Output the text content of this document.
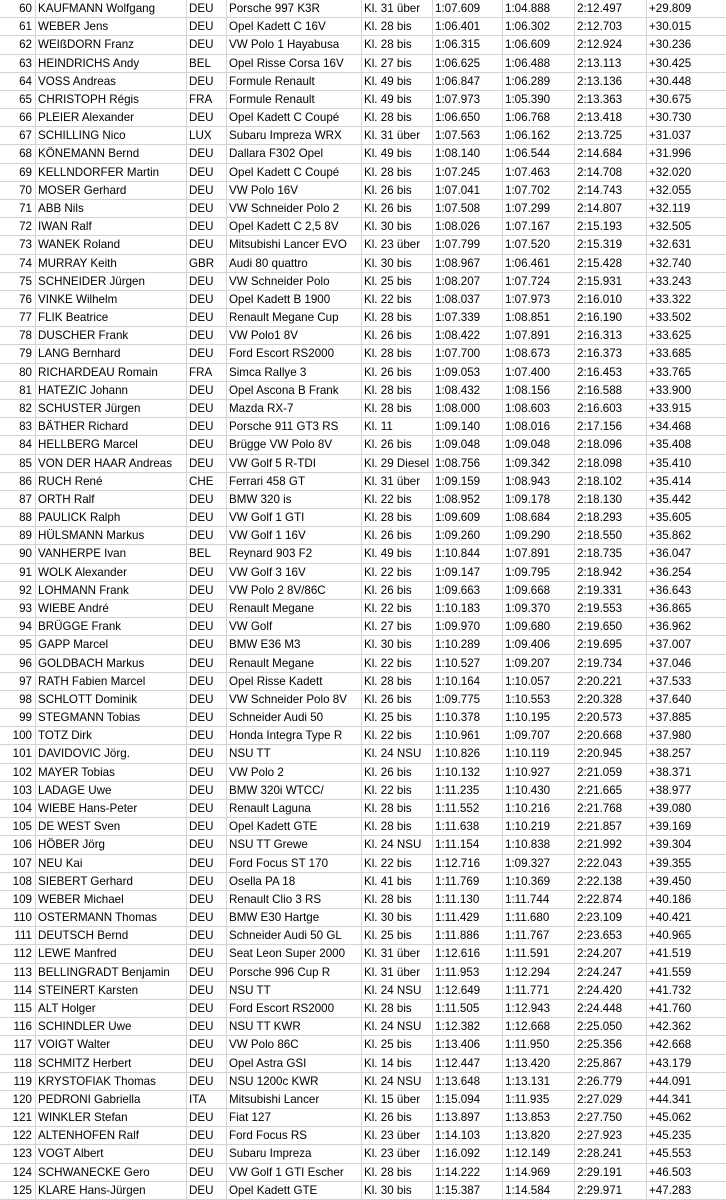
60 KAUFMANN Wolfgang	DEU	Porsche 997 K3R	Kl. 31 über	1:07.609	1:04.888	2:12.497	+29.809
61 WEBER Jens	DEU	Opel Kadett C 16V	Kl. 28 bis	1:06.401	1:06.302	2:12.703	+30.015
62 WEIßDORN Franz	DEU	VW Polo 1 Hayabusa	Kl. 28 bis	1:06.315	1:06.609	2:12.924	+30.236
63 HEINDRICHS Andy	BEL	Opel Risse Corsa 16V	Kl. 27 bis	1:06.625	1:06.488	2:13.113	+30.425
64 VOSS Andreas	DEU	Formule Renault	Kl. 49 bis	1:06.847	1:06.289	2:13.136	+30.448
65 CHRISTOPH Régis	FRA	Formule Renault	Kl. 49 bis	1:07.973	1:05.390	2:13.363	+30.675
66 PLEIER Alexander	DEU	Opel Kadett C Coupé	Kl. 28 bis	1:06.650	1:06.768	2:13.418	+30.730
67 SCHILLING Nico	LUX	Subaru Impreza WRX	Kl. 31 über	1:07.563	1:06.162	2:13.725	+31.037
68 KÖNEMANN Bernd	DEU	Dallara F302 Opel	Kl. 49 bis	1:08.140	1:06.544	2:14.684	+31.996
69 KELLNDORFER Martin	DEU	Opel Kadett C Coupé	Kl. 28 bis	1:07.245	1:07.463	2:14.708	+32.020
70 MOSER Gerhard	DEU	VW Polo 16V	Kl. 26 bis	1:07.041	1:07.702	2:14.743	+32.055
71 ABB Nils	DEU	VW Schneider Polo 2	Kl. 26 bis	1:07.508	1:07.299	2:14.807	+32.119
72 IWAN Ralf	DEU	Opel Kadett C 2,5 8V	Kl. 30 bis	1:08.026	1:07.167	2:15.193	+32.505
73 WANEK Roland	DEU	Mitsubishi Lancer EVO	Kl. 23 über	1:07.799	1:07.520	2:15.319	+32.631
74 MURRAY Keith	GBR	Audi 80 quattro	Kl. 30 bis	1:08.967	1:06.461	2:15.428	+32.740
75 SCHNEIDER Jürgen	DEU	VW Schneider Polo	Kl. 25 bis	1:08.207	1:07.724	2:15.931	+33.243
76 VINKE Wilhelm	DEU	Opel Kadett B 1900	Kl. 22 bis	1:08.037	1:07.973	2:16.010	+33.322
77 FLIK Beatrice	DEU	Renault Megane Cup	Kl. 28 bis	1:07.339	1:08.851	2:16.190	+33.502
78 DUSCHER Frank	DEU	VW Polo1 8V	Kl. 26 bis	1:08.422	1:07.891	2:16.313	+33.625
79 LANG Bernhard	DEU	Ford Escort RS2000	Kl. 28 bis	1:07.700	1:08.673	2:16.373	+33.685
80 RICHARDEAU Romain	FRA	Simca Rallye 3	Kl. 26 bis	1:09.053	1:07.400	2:16.453	+33.765
81 HATEZIC Johann	DEU	Opel Ascona B Frank	Kl. 28 bis	1:08.432	1:08.156	2:16.588	+33.900
82 SCHUSTER Jürgen	DEU	Mazda RX-7	Kl. 28 bis	1:08.000	1:08.603	2:16.603	+33.915
83 BÄTHER Richard	DEU	Porsche 911 GT3 RS	Kl. 11	1:09.140	1:08.016	2:17.156	+34.468
84 HELLBERG Marcel	DEU	Brügge VW Polo 8V	Kl. 26 bis	1:09.048	1:09.048	2:18.096	+35.408
85 VON DER HAAR Andreas	DEU	VW Golf 5 R-TDI	Kl. 29 Diesel 1:08.756	1:09.342	2:18.098	+35.410
86 RUCH René	CHE	Ferrari 458 GT	Kl. 31 über	1:09.159	1:08.943	2:18.102	+35.414
87 ORTH Ralf	DEU	BMW 320 is	Kl. 22 bis	1:08.952	1:09.178	2:18.130	+35.442
88 PAULICK Ralph	DEU	VW Golf 1 GTI	Kl. 28 bis	1:09.609	1:08.684	2:18.293	+35.605
89 HÜLSMANN Markus	DEU	VW Golf 1 16V	Kl. 26 bis	1:09.260	1:09.290	2:18.550	+35.862
90 VANHERPE Ivan	BEL	Reynard 903 F2	Kl. 49 bis	1:10.844	1:07.891	2:18.735	+36.047
91 WOLK Alexander	DEU	VW Golf 3 16V	Kl. 22 bis	1:09.147	1:09.795	2:18.942	+36.254
92 LOHMANN Frank	DEU	VW Polo 2 8V/86C	Kl. 26 bis	1:09.663	1:09.668	2:19.331	+36.643
93 WIEBE André	DEU	Renault Megane	Kl. 22 bis	1:10.183	1:09.370	2:19.553	+36.865
94 BRÜGGE Frank	DEU	VW Golf	Kl. 27 bis	1:09.970	1:09.680	2:19.650	+36.962
95 GAPP Marcel	DEU	BMW E36 M3	Kl. 30 bis	1:10.289	1:09.406	2:19.695	+37.007
96 GOLDBACH Markus	DEU	Renault Megane	Kl. 22 bis	1:10.527	1:09.207	2:19.734	+37.046
97 RATH Fabien Marcel	DEU	Opel Risse Kadett	Kl. 28 bis	1:10.164	1:10.057	2:20.221	+37.533
98 SCHLOTT Dominik	DEU	VW Schneider Polo 8V	Kl. 26 bis	1:09.775	1:10.553	2:20.328	+37.640
99 STEGMANN Tobias	DEU	Schneider Audi 50	Kl. 25 bis	1:10.378	1:10.195	2:20.573	+37.885
100 TOTZ Dirk	DEU	Honda Integra Type R	Kl. 22 bis	1:10.961	1:09.707	2:20.668	+37.980
101 DAVIDOVIC Jörg.	DEU	NSU TT	Kl. 24 NSU	1:10.826	1:10.119	2:20.945	+38.257
102 MAYER Tobias	DEU	VW Polo 2	Kl. 26 bis	1:10.132	1:10.927	2:21.059	+38.371
103 LADAGE Uwe	DEU	BMW 320i WTCC/	Kl. 22 bis	1:11.235	1:10.430	2:21.665	+38.977
104 WIEBE Hans-Peter	DEU	Renault Laguna	Kl. 28 bis	1:11.552	1:10.216	2:21.768	+39.080
105 DE WEST Sven	DEU	Opel Kadett GTE	Kl. 28 bis	1:11.638	1:10.219	2:21.857	+39.169
106 HÖBER Jörg	DEU	NSU TT Grewe	Kl. 24 NSU	1:11.154	1:10.838	2:21.992	+39.304
107 NEU Kai	DEU	Ford Focus ST 170	Kl. 22 bis	1:12.716	1:09.327	2:22.043	+39.355
108 SIEBERT Gerhard	DEU	Osella PA 18	Kl. 41 bis	1:11.769	1:10.369	2:22.138	+39.450
109 WEBER Michael	DEU	Renault Clio 3 RS	Kl. 28 bis	1:11.130	1:11.744	2:22.874	+40.186
110 OSTERMANN Thomas	DEU	BMW E30 Hartge	Kl. 30 bis	1:11.429	1:11.680	2:23.109	+40.421
111 DEUTSCH Bernd	DEU	Schneider Audi 50 GL	Kl. 25 bis	1:11.886	1:11.767	2:23.653	+40.965
112 LEWE Manfred	DEU	Seat Leon Super 2000	Kl. 31 über	1:12.616	1:11.591	2:24.207	+41.519
113 BELLINGRADT Benjamin	DEU	Porsche 996 Cup R	Kl. 31 über	1:11.953	1:12.294	2:24.247	+41.559
114 STEINERT Karsten	DEU	NSU TT	Kl. 24 NSU	1:12.649	1:11.771	2:24.420	+41.732
115 ALT Holger	DEU	Ford Escort RS2000	Kl. 28 bis	1:11.505	1:12.943	2:24.448	+41.760
116 SCHINDLER Uwe	DEU	NSU TT KWR	Kl. 24 NSU	1:12.382	1:12.668	2:25.050	+42.362
117 VOIGT Walter	DEU	VW Polo 86C	Kl. 25 bis	1:13.406	1:11.950	2:25.356	+42.668
118 SCHMITZ Herbert	DEU	Opel Astra GSI	Kl. 14 bis	1:12.447	1:13.420	2:25.867	+43.179
119 KRYSTOFIAK Thomas	DEU	NSU 1200c KWR	Kl. 24 NSU	1:13.648	1:13.131	2:26.779	+44.091
120 PEDRONI Gabriella	ITA	Mitsubishi Lancer	Kl. 15 über	1:15.094	1:11.935	2:27.029	+44.341
121 WINKLER Stefan	DEU	Fiat 127	Kl. 26 bis	1:13.897	1:13.853	2:27.750	+45.062
122 ALTENHOFEN Ralf	DEU	Ford Focus RS	Kl. 23 über	1:14.103	1:13.820	2:27.923	+45.235
123 VOGT Albert	DEU	Subaru Impreza	Kl. 23 über	1:16.092	1:12.149	2:28.241	+45.553
124 SCHWANECKE Gero	DEU	VW Golf 1 GTI Escher	Kl. 28 bis	1:14.222	1:14.969	2:29.191	+46.503
125 KLARE Hans-Jürgen	DEU	Opel Kadett GTE	Kl. 30 bis	1:15.387	1:14.584	2:29.971	+47.283
